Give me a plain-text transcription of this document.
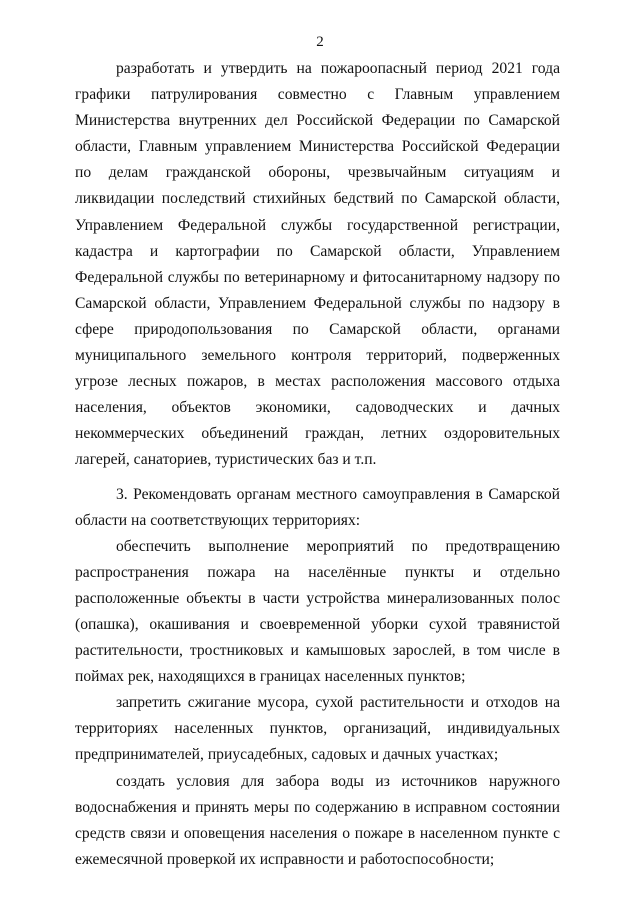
2

разработать и утвердить на пожароопасный период 2021 года графики патрулирования совместно с Главным управлением Министерства внутренних дел Российской Федерации по Самарской области, Главным управлением Министерства Российской Федерации по делам гражданской обороны, чрезвычайным ситуациям и ликвидации последствий стихийных бедствий по Самарской области, Управлением Федеральной службы государственной регистрации, кадастра и картографии по Самарской области, Управлением Федеральной службы по ветеринарному и фитосанитарному надзору по Самарской области, Управлением Федеральной службы по надзору в сфере природопользования по Самарской области, органами муниципального земельного контроля территорий, подверженных угрозе лесных пожаров, в местах расположения массового отдыха населения, объектов экономики, садоводческих и дачных некоммерческих объединений граждан, летних оздоровительных лагерей, санаториев, туристических баз и т.п.

3. Рекомендовать органам местного самоуправления в Самарской области на соответствующих территориях:

обеспечить выполнение мероприятий по предотвращению распространения пожара на населённые пункты и отдельно расположенные объекты в части устройства минерализованных полос (опашка), окашивания и своевременной уборки сухой травянистой растительности, тростниковых и камышовых зарослей, в том числе в поймах рек, находящихся в границах населенных пунктов;

запретить сжигание мусора, сухой растительности и отходов на территориях населенных пунктов, организаций, индивидуальных предпринимателей, приусадебных, садовых и дачных участках;

создать условия для забора воды из источников наружного водоснабжения и принять меры по содержанию в исправном состоянии средств связи и оповещения населения о пожаре в населенном пункте с ежемесячной проверкой их исправности и работоспособности;
